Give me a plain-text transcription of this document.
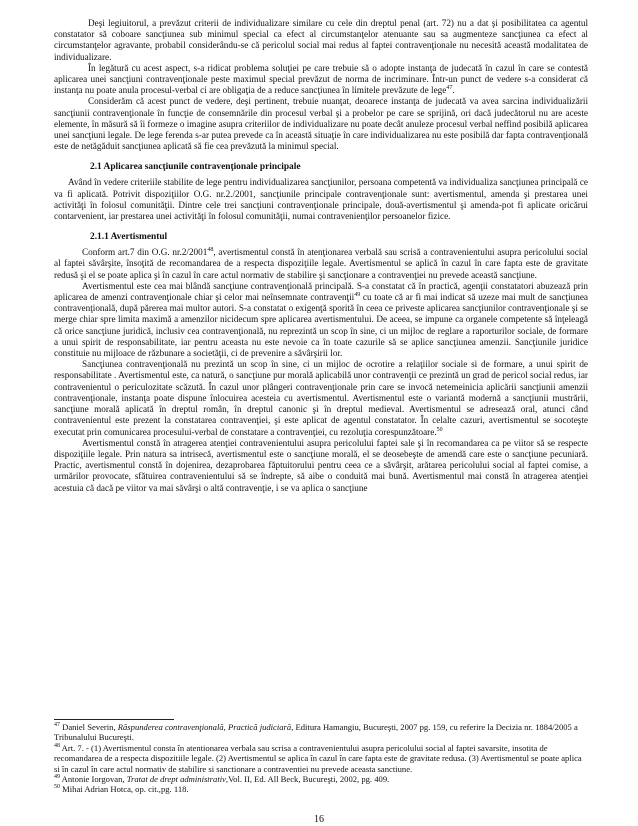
Deşi legiuitorul, a prevăzut criterii de individualizare similare cu cele din dreptul penal (art. 72) nu a dat şi posibilitatea ca agentul constatator să coboare sancţiunea sub minimul special ca efect al circumstanţelor atenuante sau sa augmenteze sancţiunea ca efect al circumstanţelor agravante, probabil considerându-se că pericolul social mai redus al faptei contravenţionale nu necesită această modalitatea de individualizare.

În legătură cu acest aspect, s-a ridicat problema soluţiei pe care trebuie să o adopte instanţa de judecată în cazul în care se contestă aplicarea unei sancţiuni contravenţionale peste maximul special prevăzut de norma de incriminare. Într-un punct de vedere s-a considerat că instanţa nu poate anula procesul-verbal ci are obligaţia de a reduce sancţiunea în limitele prevăzute de lege$^{47}$.

Considerăm că acest punct de vedere, deşi pertinent, trebuie nuanţat, deoarece instanţa de judecată va avea sarcina individualizării sancţiunii contravenţionale în funcţie de consemnările din procesul verbal şi a probelor pe care se sprijină, ori dacă judecătorul nu are aceste elemente, în măsură să îi formeze o imagine asupra criteriilor de individualizare nu poate decât anuleze procesul verbal neffind posibilă aplicarea unei sancţiuni legale. De lege ferenda s-ar putea prevede ca în această situaţie în care individualizarea nu este posibilă dar fapta contravenţională este de netăgăduit sancţiunea aplicată să fie cea prevăzută la minimul special.

2.1 Aplicarea sancţiunile contravenţionale principale

Având în vedere criteriile stabilite de lege pentru individualizarea sancţiunilor, persoana competentă va individualiza sancţiunea principală ce va fi aplicată. Potrivit dispoziţiilor O.G. nr.2./2001, sancţiunile principale contravenţionale sunt: avertismentul, amenda şi prestarea unei activităţi în folosul comunităţii. Dintre cele trei sancţiuni contravenţionale principale, două-avertismentul şi amenda-pot fi aplicate oricărui contarvenient, iar prestarea unei activităţi în folosul comunităţii, numai contravenienţilor persoanelor fizice.

2.1.1 Avertismentul

Conform art.7 din O.G. nr.2/2001$^{48}$, avertismentul constă în atenţionarea verbală sau scrisă a contravenientului asupra pericolului social al faptei săvârşite, însoţită de recomandarea de a respecta dispoziţiile legale. Avertismentul se aplică în cazul în care fapta este de gravitate redusă şi el se poate aplica şi în cazul în care actul normativ de stabilire şi sancţionare a contravenţiei nu prevede această sancţiune.

Avertismentul este cea mai blândă sancţiune contravenţională principală. S-a constatat că în practică, agenţii constatatori abuzează prin aplicarea de amenzi contravenţionale chiar şi celor mai neînsemnate contravenţii$^{49}$ cu toate că ar fi mai indicat să uzeze mai mult de sancţiunea contravenţională, după părerea mai multor autori. S-a constatat o exigenţă sporită în ceea ce priveste aplicarea sancţiunilor contravenţionale şi se merge chiar spre limita maximă a amenzilor nicidecum spre aplicarea avertismentului. De aceea, se impune ca organele competente să înţeleagă că orice sancţiune juridică, inclusiv cea contravenţională, nu reprezintă un scop în sine, ci un mijloc de reglare a raporturilor sociale, de formare a unui spirit de responsabilitate, iar pentru aceasta nu este nevoie ca în toate cazurile să se aplice sancţiunea amenzii. Sancţiunile juridice constituie nu mijloace de răzbunare a societăţii, ci de prevenire a săvârşirii lor.

Sancţiunea contravenţională nu prezintă un scop în sine, ci un mijloc de ocrotire a relaţiilor sociale si de formare, a unui spirit de responsabilitate . Avertismentul este, ca natură, o sancţiune pur morală aplicabilă unor contravenţii ce prezintă un grad de pericol social redus, iar contravenientul o periculozitate scăzută. În cazul unor plângeri contravenţionale prin care se invocă netemeinicia aplicării sancţiunii amenzii contravenţionale, instanţa poate dispune înlocuirea acesteia cu avertismentul. Avertismentul este o variantă modernă a sancţiunii mustrării, sancţiune morală aplicată în dreptul român, în dreptul canonic şi în dreptul medieval. Avertismentul se adresează oral, atunci când contravenientul este prezent la constatarea contravenţiei, şi este aplicat de agentul constatator. În celalte cazuri, avertismentul se socoteşte executat prin comunicarea procesului-verbal de constatare a contravenţiei, cu rezoluţia corespunzătoare.$^{50}$

Avertismentul constă în atragerea atenţiei contravenientului asupra pericolului faptei sale şi în recomandarea ca pe viitor să se respecte dispoziţiile legale. Prin natura sa intrisecă, avertismentul este o sancţiune morală, el se deosebeşte de amendă care este o sancţiune pecuniară. Practic, avertismentul constă în dojenirea, dezaprobarea făptuitorului pentru ceea ce a săvârşit, arătarea pericolului social al faptei comise, a urmărilor provocate, sfătuirea contravenientului să se îndrepte, să aibe o conduită mai bună. Avertismentul mai constă în atragerea atenţiei acestuia că dacă pe viitor va mai săvârşi o altă contravenţie, i se va aplica o sancţiune

$^{47}$ Daniel Severin, Răspunderea contravenţională, Practică judiciară, Editura Hamangiu, Bucureşti, 2007 pg. 159, cu referire la Decizia nr. 1884/2005 a Tribunalului Bucureşti.

$^{48}$ Art. 7. - (1) Avertismentul consta în atentionarea verbala sau scrisa a contravenientului asupra pericolului social al faptei savarsite, insotita de recomandarea de a respecta dispozitiile legale. (2) Avertismentul se aplica în cazul în care fapta este de gravitate redusa. (3) Avertismentul se poate aplica si în cazul în care actul normativ de stabilire si sanctionare a contraventiei nu prevede aceasta sanctiune.

$^{49}$ Antonie Iorgovan, Tratat de drept administrativ,Vol. II, Ed. All Beck, Bucureşti, 2002, pg. 409.

$^{50}$ Mihai Adrian Hotca, op. cit.,pg. 118.

16
